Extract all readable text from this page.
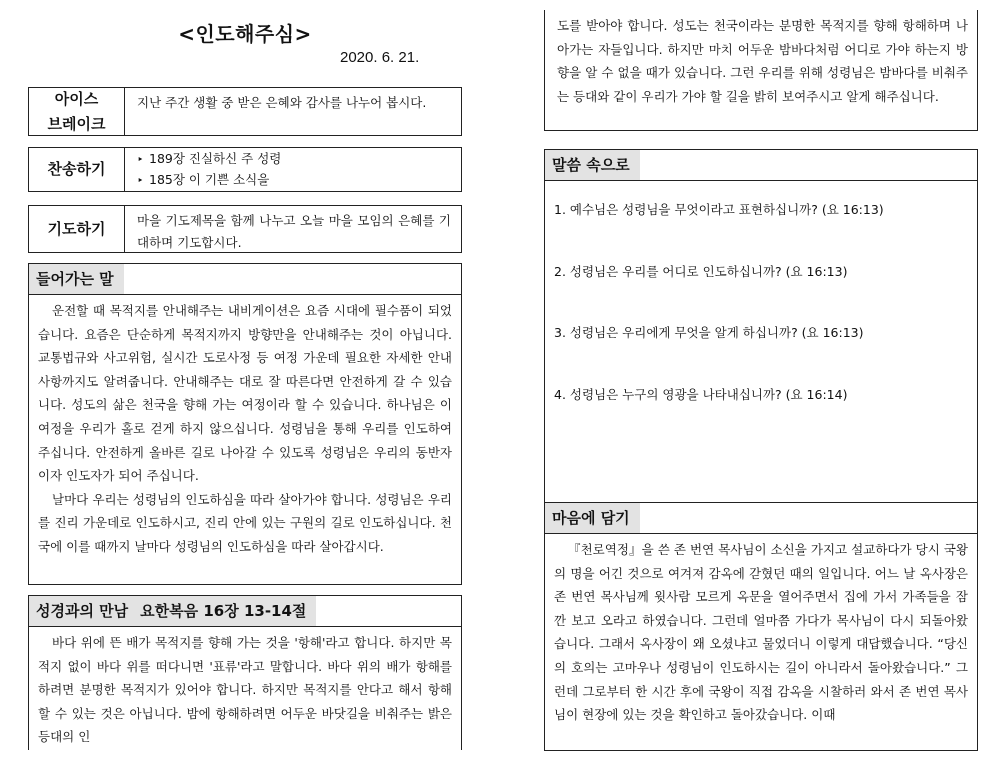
<인도해주심>
2020. 6. 21.
아이스
브레이크
지난 주간 생활 중 받은 은혜와 감사를 나누어 봅시다.
찬송하기
‣ 189장 진실하신 주 성령
‣ 185장 이 기쁜 소식을
기도하기	마을 기도제목을 함께 나누고 오늘 마을 모임의 은혜를 기대하며 기도합시다.
들어가는 말

운전할 때 목적지를 안내해주는 내비게이션은 요즘 시대에 필수품이 되었습니다. 요즘은 단순하게 목적지까지 방향만을 안내해주는 것이 아닙니다. 교통법규와 사고위험, 실시간 도로사정 등 여정 가운데 필요한 자세한 안내사항까지도 알려줍니다. 안내해주는 대로 잘 따른다면 안전하게 갈 수 있습니다. 성도의 삶은 천국을 향해 가는 여정이라 할 수 있습니다. 하나님은 이 여정을 우리가 홀로 걷게 하지 않으십니다. 성령님을 통해 우리를 인도하여 주십니다. 안전하게 올바른 길로 나아갈 수 있도록 성령님은 우리의 동반자이자 인도자가 되어 주십니다.

날마다 우리는 성령님의 인도하심을 따라 살아가야 합니다. 성령님은 우리를 진리 가운데로 인도하시고, 진리 안에 있는 구원의 길로 인도하십니다. 천국에 이를 때까지 날마다 성령님의 인도하심을 따라 살아갑시다.

성경과의 만남 요한복음 16장 13-14절

바다 위에 뜬 배가 목적지를 향해 가는 것을 '항해'라고 합니다. 하지만 목적지 없이 바다 위를 떠다니면 '표류'라고 말합니다. 바다 위의 배가 항해를 하려면 분명한 목적지가 있어야 합니다. 하지만 목적지를 안다고 해서 항해할 수 있는 것은 아닙니다. 밤에 항해하려면 어두운 바닷길을 비춰주는 밝은 등대의 인

도를 받아야 합니다. 성도는 천국이라는 분명한 목적지를 향해 항해하며 나아가는 자들입니다. 하지만 마치 어두운 밤바다처럼 어디로 가야 하는지 방향을 알 수 없을 때가 있습니다. 그런 우리를 위해 성령님은 밤바다를 비춰주는 등대와 같이 우리가 가야 할 길을 밝히 보여주시고 알게 해주십니다.
말씀 속으로
1. 예수님은 성령님을 무엇이라고 표현하십니까? (요 16:13)
2. 성령님은 우리를 어디로 인도하십니까? (요 16:13)
3. 성령님은 우리에게 무엇을 알게 하십니까? (요 16:13)
4. 성령님은 누구의 영광을 나타내십니까? (요 16:14)
마음에 담기

『천로역정』을 쓴 존 번연 목사님이 소신을 가지고 설교하다가 당시 국왕의 명을 어긴 것으로 여겨져 감옥에 갇혔던 때의 일입니다. 어느 날 옥사장은 존 번연 목사님께 윗사람 모르게 옥문을 열어주면서 집에 가서 가족들을 잠깐 보고 오라고 하였습니다. 그런데 얼마쯤 가다가 목사님이 다시 되돌아왔습니다. 그래서 옥사장이 왜 오셨냐고 물었더니 이렇게 대답했습니다. “당신의 호의는 고마우나 성령님이 인도하시는 길이 아니라서 돌아왔습니다.” 그런데 그로부터 한 시간 후에 국왕이 직접 감옥을 시찰하러 와서 존 번연 목사님이 현장에 있는 것을 확인하고 돌아갔습니다. 이때
